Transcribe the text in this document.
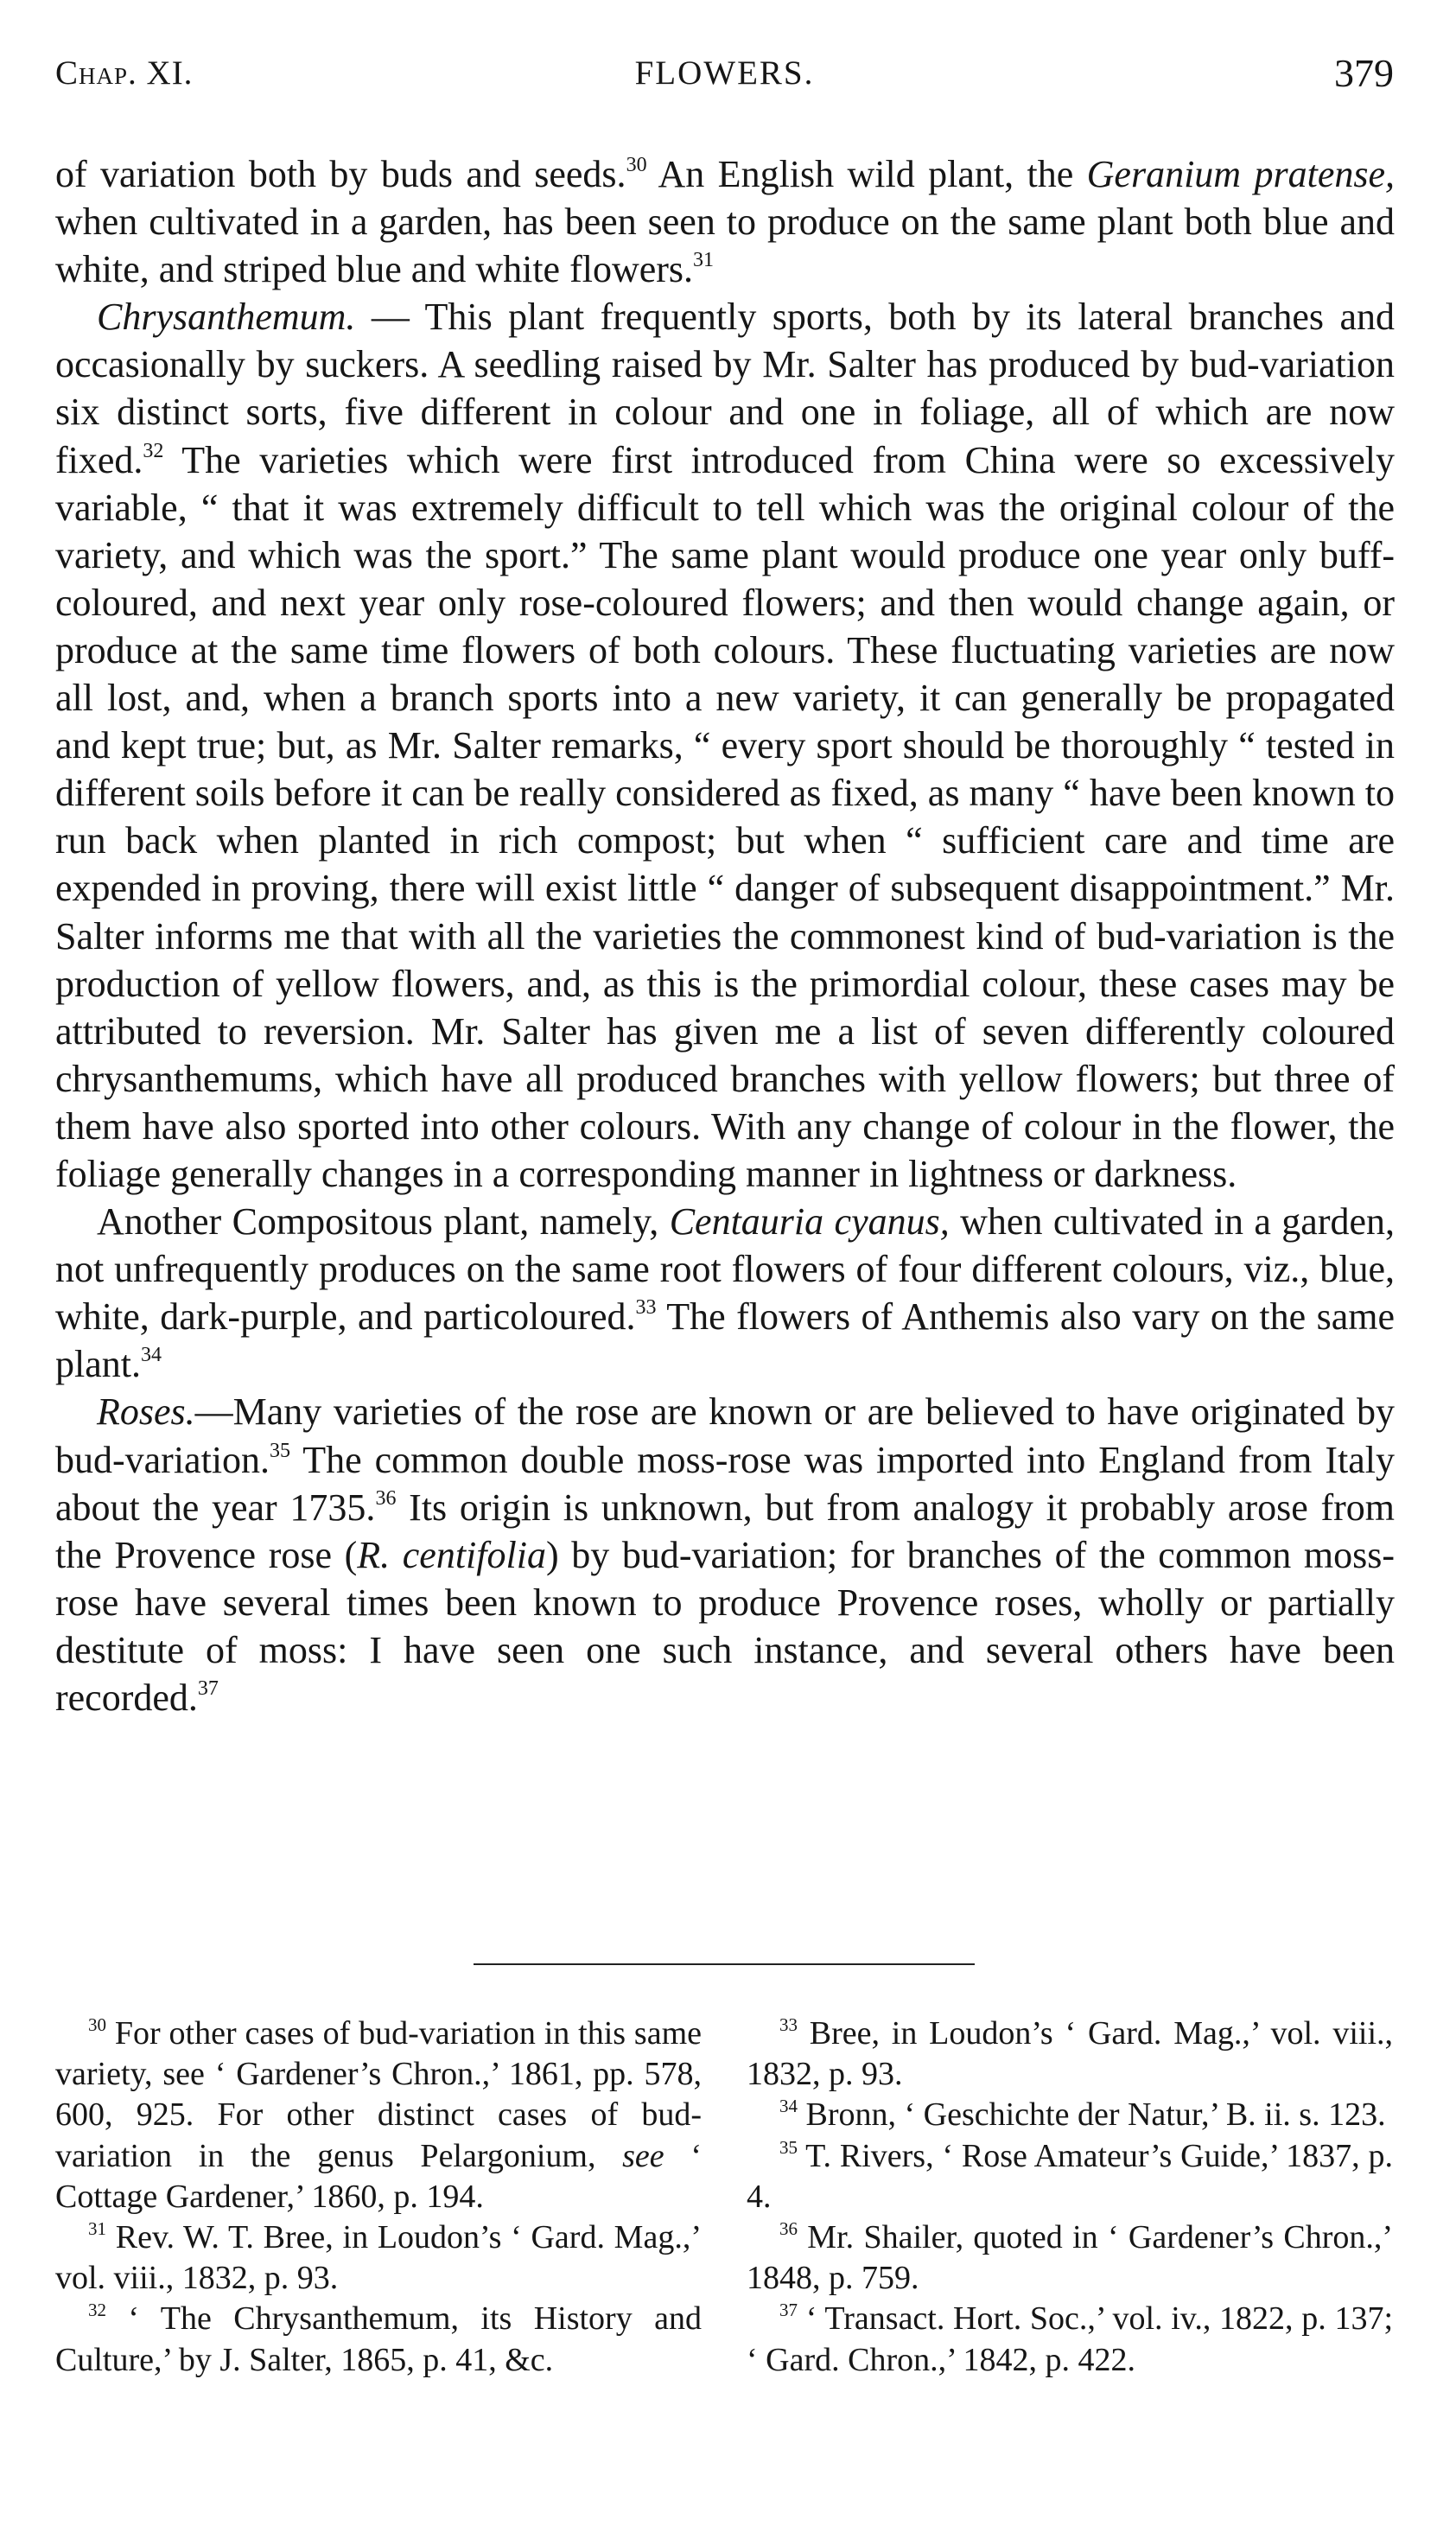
Chap. XI.	FLOWERS.	379

of variation both by buds and seeds.$^{30}$ An English wild plant, the Geranium pratense, when cultivated in a garden, has been seen to produce on the same plant both blue and white, and striped blue and white flowers.$^{31}$

Chrysanthemum. — This plant frequently sports, both by its lateral branches and occasionally by suckers. A seedling raised by Mr. Salter has produced by bud-variation six distinct sorts, five different in colour and one in foliage, all of which are now fixed.$^{32}$ The varieties which were first introduced from China were so excessively variable, “ that it was extremely difficult to tell which was the original colour of the variety, and which was the sport.” The same plant would produce one year only buff-coloured, and next year only rose-coloured flowers; and then would change again, or produce at the same time flowers of both colours. These fluctuating varieties are now all lost, and, when a branch sports into a new variety, it can generally be propagated and kept true; but, as Mr. Salter remarks, “ every sport should be thoroughly “ tested in different soils before it can be really considered as fixed, as many “ have been known to run back when planted in rich compost; but when “ sufficient care and time are expended in proving, there will exist little “ danger of subsequent disappointment.” Mr. Salter informs me that with all the varieties the commonest kind of bud-variation is the production of yellow flowers, and, as this is the primordial colour, these cases may be attributed to reversion. Mr. Salter has given me a list of seven differently coloured chrysanthemums, which have all produced branches with yellow flowers; but three of them have also sported into other colours. With any change of colour in the flower, the foliage generally changes in a corresponding manner in lightness or darkness.

Another Compositous plant, namely, Centauria cyanus, when cultivated in a garden, not unfrequently produces on the same root flowers of four different colours, viz., blue, white, dark-purple, and particoloured.$^{33}$ The flowers of Anthemis also vary on the same plant.$^{34}$

Roses.—Many varieties of the rose are known or are believed to have originated by bud-variation.$^{35}$ The common double moss-rose was imported into England from Italy about the year 1735.36 Its origin is unknown, but from analogy it probably arose from the Provence rose (R. centifolia) by bud-variation; for branches of the common moss-rose have several times been known to produce Provence roses, wholly or partially destitute of moss: I have seen one such instance, and several others have been recorded.$^{37}$

$^{30}$ For other cases of bud-variation in this same variety, see ‘ Gardener’s Chron.,’ 1861, pp. 578, 600, 925. For other distinct cases of bud-variation in the genus Pelargonium, see ‘ Cottage Gardener,’ 1860, p. 194.

$^{31}$ Rev. W. T. Bree, in Loudon’s ‘ Gard. Mag.,’ vol. viii., 1832, p. 93.

$^{32}$ ‘ The Chrysanthemum, its History and Culture,’ by J. Salter, 1865, p. 41, &c.

$^{33}$ Bree, in Loudon’s ‘ Gard. Mag.,’ vol. viii., 1832, p. 93.

$^{34}$ Bronn, ‘ Geschichte der Natur,’ B. ii. s. 123.

$^{35}$ T. Rivers, ‘ Rose Amateur’s Guide,’ 1837, p. 4.

$^{36}$ Mr. Shailer, quoted in ‘ Gardener’s Chron.,’ 1848, p. 759.

$^{37}$ ‘ Transact. Hort. Soc.,’ vol. iv., 1822, p. 137; ‘ Gard. Chron.,’ 1842, p. 422.
